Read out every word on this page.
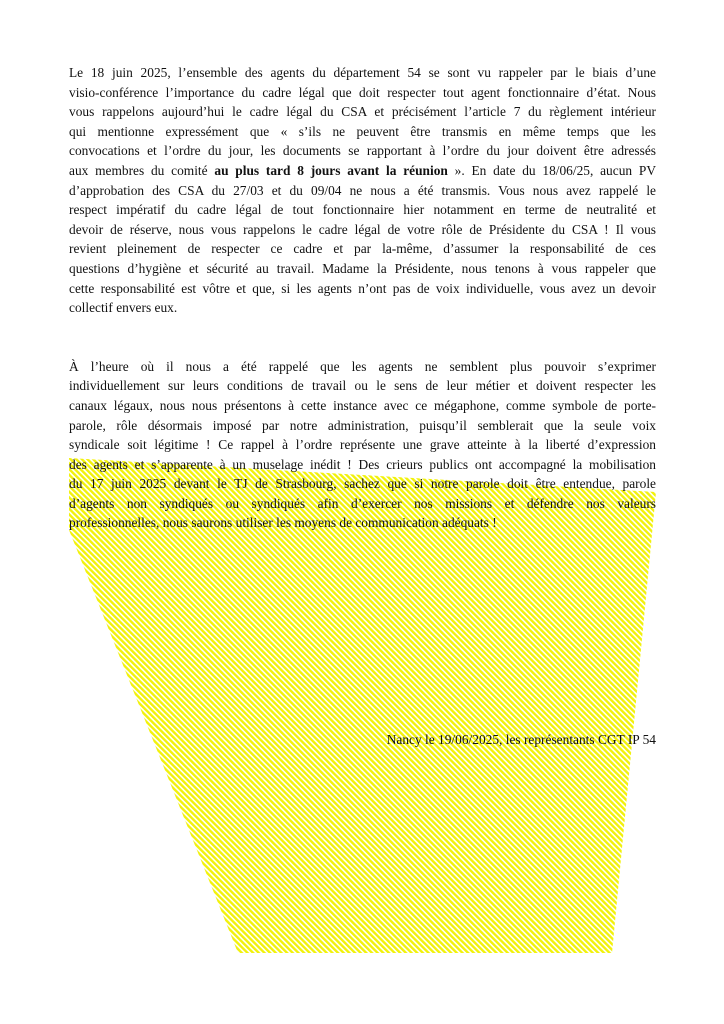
Le 18 juin 2025, l’ensemble des agents du département 54 se sont vu rappeler par le biais d’une
visio-conférence l’importance du cadre légal que doit respecter tout agent fonctionnaire d’état. Nous
vous rappelons aujourd’hui le cadre légal du CSA et précisément l’article 7 du règlement intérieur
qui mentionne expressément que « s’ils ne peuvent être transmis en même temps que les
convocations et l’ordre du jour, les documents se rapportant à l’ordre du jour doivent être adressés
aux membres du comité au plus tard 8 jours avant la réunion ». En date du 18/06/25, aucun PV
d’approbation des CSA du 27/03 et du 09/04 ne nous a été transmis. Vous nous avez rappelé le
respect impératif du cadre légal de tout fonctionnaire hier notamment en terme de neutralité et
devoir de réserve, nous vous rappelons le cadre légal de votre rôle de Présidente du CSA ! Il vous
revient pleinement de respecter ce cadre et par la-même, d’assumer la responsabilité de ces
questions d’hygiène et sécurité au travail. Madame la Présidente, nous tenons à vous rappeler que
cette responsabilité est vôtre et que, si les agents n’ont pas de voix individuelle, vous avez un devoir
collectif envers eux.

À l’heure où il nous a été rappelé que les agents ne semblent plus pouvoir s’exprimer
individuellement sur leurs conditions de travail ou le sens de leur métier et doivent respecter les
canaux légaux, nous nous présentons à cette instance avec ce mégaphone, comme symbole de porte-
parole, rôle désormais imposé par notre administration, puisqu’il semblerait que la seule voix
syndicale soit légitime ! Ce rappel à l’ordre représente une grave atteinte à la liberté d’expression
des agents et s’apparente à un muselage inédit ! Des crieurs publics ont accompagné la mobilisation
du 17 juin 2025 devant le TJ de Strasbourg, sachez que si notre parole doit être entendue, parole
d’agents non syndiqués ou syndiqués afin d’exercer nos missions et défendre nos valeurs
professionnelles, nous saurons utiliser les moyens de communication adéquats !

Nancy le 19/06/2025, les représentants CGT IP 54
